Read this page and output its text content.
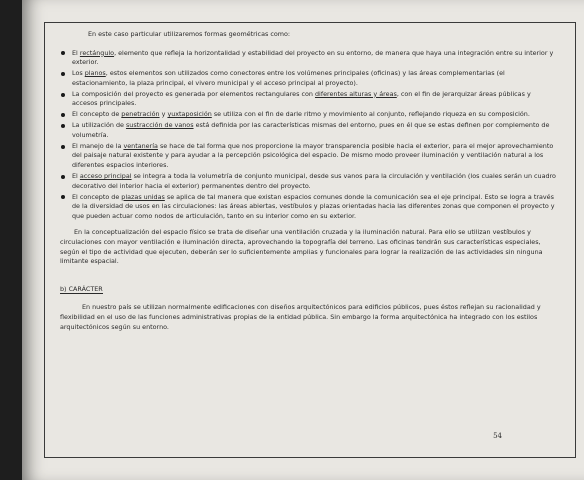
En este caso particular utilizaremos formas geométricas como:

El rectángulo, elemento que refleja la horizontalidad y estabilidad del proyecto en su entorno, de manera que haya una integración entre su interior y exterior.
Los planos, estos elementos son utilizados como conectores entre los volúmenes principales (oficinas) y las áreas complementarias (el estacionamiento, la plaza principal, el vivero municipal y el acceso principal al proyecto).
La composición del proyecto es generada por elementos rectangulares con diferentes alturas y áreas, con el fin de jerarquizar áreas públicas y accesos principales.
El concepto de penetración y yuxtaposición se utiliza con el fin de darle ritmo y movimiento al conjunto, reflejando riqueza en su composición.
La utilización de sustracción de vanos está definida por las características mismas del entorno, pues en él que se estas definen por complemento de volumetría.
El manejo de la ventanería se hace de tal forma que nos proporcione la mayor transparencia posible hacia el exterior, para el mejor aprovechamiento del paisaje natural existente y para ayudar a la percepción psicológica del espacio. De mismo modo proveer iluminación y ventilación natural a los diferentes espacios interiores.
El acceso principal se integra a toda la volumetría de conjunto municipal, desde sus vanos para la circulación y ventilación (los cuales serán un cuadro decorativo del interior hacia el exterior) permanentes dentro del proyecto.
El concepto de plazas unidas se aplica de tal manera que existan espacios comunes donde la comunicación sea el eje principal. Esto se logra a través de la diversidad de usos en las circulaciones: las áreas abiertas, vestíbulos y plazas orientadas hacia las diferentes zonas que componen el proyecto y que pueden actuar como nodos de articulación, tanto en su interior como en su exterior.

En la conceptualización del espacio físico se trata de diseñar una ventilación cruzada y la iluminación natural. Para ello se utilizan vestíbulos y circulaciones con mayor ventilación e iluminación directa, aprovechando la topografía del terreno. Las oficinas tendrán sus características especiales, según el tipo de actividad que ejecuten, deberán ser lo suficientemente amplias y funcionales para lograr la realización de las actividades sin ninguna limitante espacial.

b) CARÁCTER

En nuestro país se utilizan normalmente edificaciones con diseños arquitectónicos para edificios públicos, pues éstos reflejan su racionalidad y flexibilidad en el uso de las funciones administrativas propias de la entidad pública. Sin embargo la forma arquitectónica ha integrado con los estilos arquitectónicos según su entorno.

54
